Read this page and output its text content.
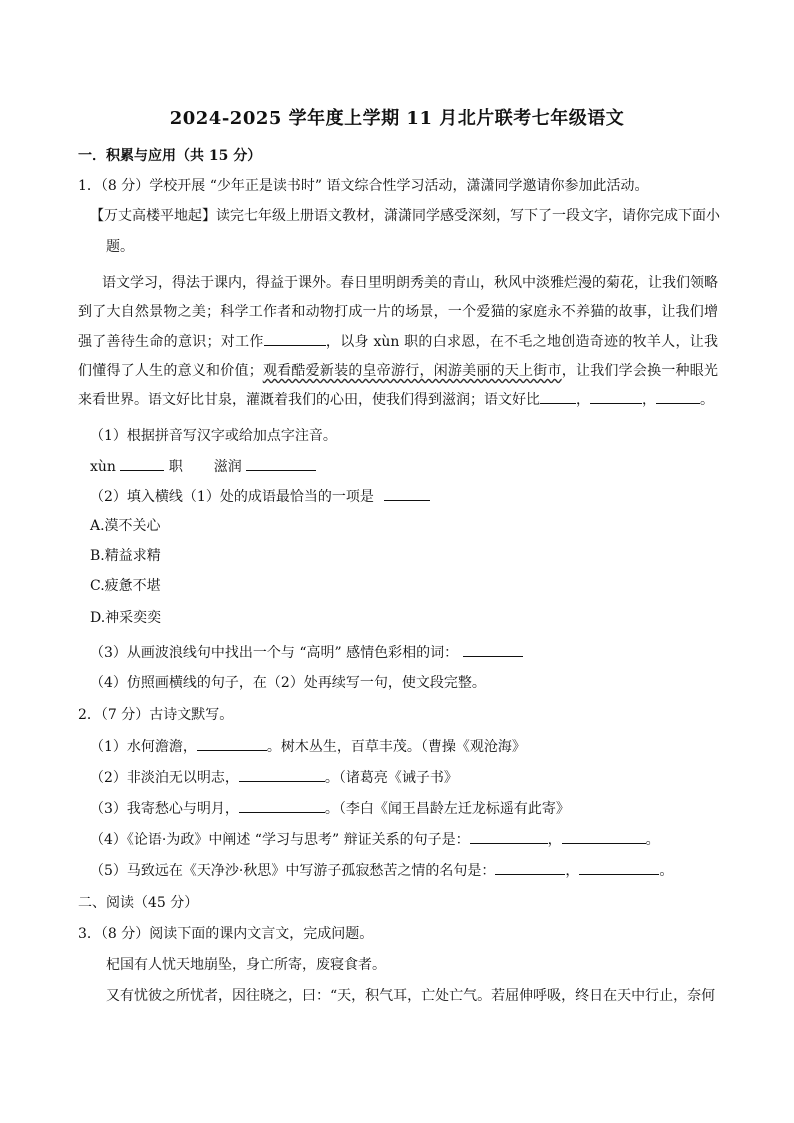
2024-2025 学年度上学期 11 月北片联考七年级语文
一．积累与应用（共 15 分）
1．（8 分）学校开展 “少年正是读书时” 语文综合性学习活动，潇潇同学邀请你参加此活动。
【万丈高楼平地起】读完七年级上册语文教材，潇潇同学感受深刻，写下了一段文字，请你完成下面小
题。
语文学习，得法于课内，得益于课外。春日里明朗秀美的青山，秋风中淡雅烂漫的菊花，让我们领略到了大自然景物之美；科学工作者和动物打成一片的场景，一个爱猫的家庭永不养猫的故事，让我们增强了善待生命的意识；对工作	，以身 xùn 职的白求恩，在不毛之地创造奇迹的牧羊人，让我们懂得了人生的意义和价值；观看酷爱新装的皇帝游行，闲游美丽的天上街市，让我们学会换一种眼光来看世界。语文好比甘泉，灌溉着我们的心田，使我们得到滋润；语文好比	，	，	。
（1）根据拼音写汉字或给加点字注音。
xùn	职 滋润
（2）填入横线（1）处的成语最恰当的一项是
A.漠不关心
B.精益求精
C.疲惫不堪
D.神采奕奕
（3）从画波浪线句中找出一个与 “高明” 感情色彩相的词：
（4）仿照画横线的句子，在（2）处再续写一句，使文段完整。
2．（7 分）古诗文默写。
（1）水何澹澹，	。树木丛生，百草丰茂。（曹操《观沧海》
（2）非淡泊无以明志，	。（诸葛亮《诫子书》
（3）我寄愁心与明月，	。（李白《闻王昌龄左迁龙标遥有此寄》
（4）《论语·为政》中阐述 “学习与思考” 辩证关系的句子是：	，	。
（5）马致远在《天净沙·秋思》中写游子孤寂愁苦之情的名句是：	，	。
二、阅读（45 分）
3．（8 分）阅读下面的课内文言文，完成问题。
杞国有人忧天地崩坠，身亡所寄，废寝食者。
又有忧彼之所忧者，因往晓之，曰：“天，积气耳，亡处亡气。若屈伸呼吸，终日在天中行止，奈何
